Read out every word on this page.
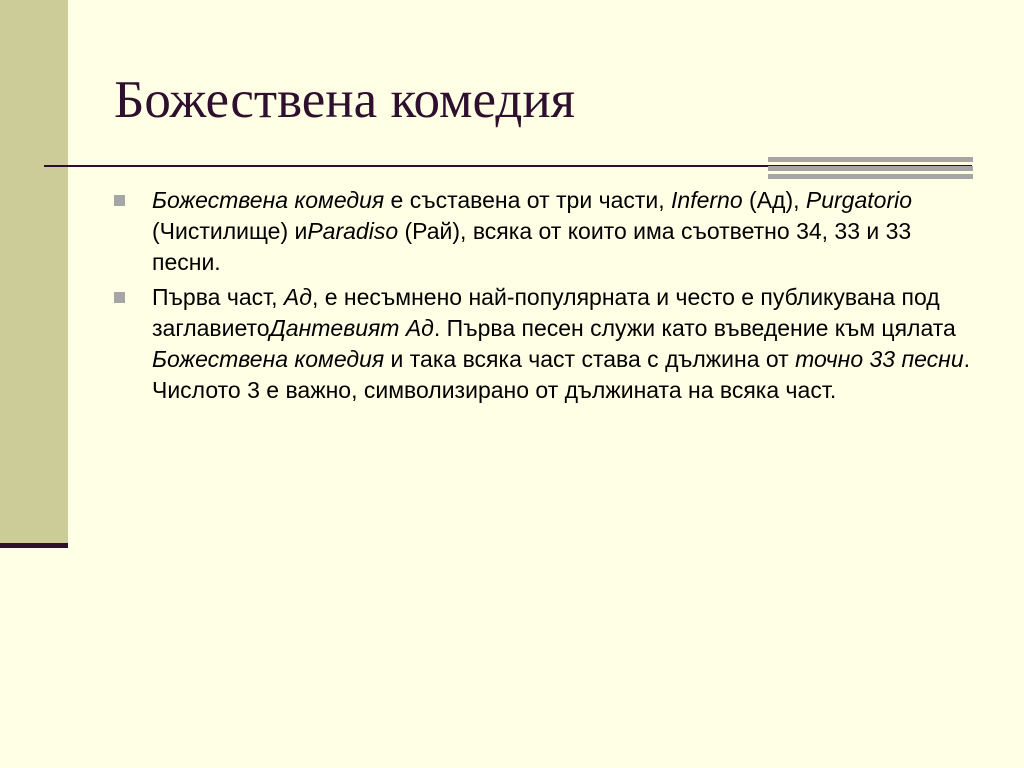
Божествена комедия
Божествена комедия е съставена от три части, Inferno (Ад), Purgatorio (Чистилище) иParadiso (Рай), всяка от които има съответно 34, 33 и 33 песни.
Първа част, Ад, е несъмнено най-популярната и често е публикувана под заглавиетоДантевият Ад. Първа песен служи като въведение към цялата Божествена комедия и така всяка част става с дължина от точно 33 песни. Числото 3 е важно, символизирано от дължината на всяка част.
